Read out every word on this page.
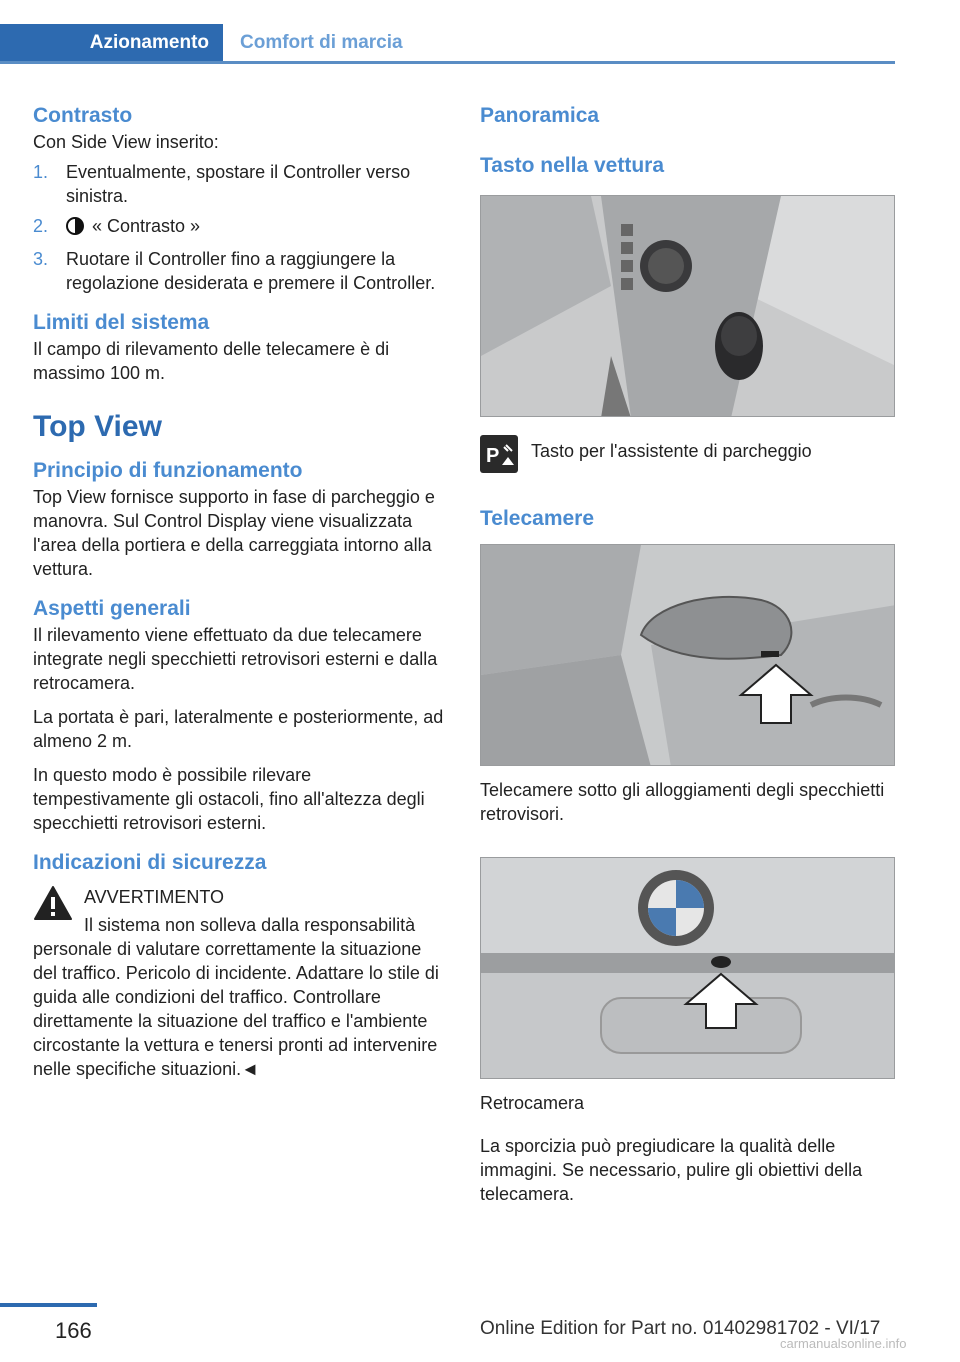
Azionamento	Comfort di marcia
Contrasto

Con Side View inserito:

1. Eventualmente, spostare il Controller verso sinistra.
2. « Contrasto »
3. Ruotare il Controller fino a raggiungere la regolazione desiderata e premere il Controller.
Limiti del sistema

Il campo di rilevamento delle telecamere è di massimo 100 m.

Top View
Principio di funzionamento

Top View fornisce supporto in fase di parcheggio e manovra. Sul Control Display viene visualizzata l'area della portiera e della carreggiata intorno alla vettura.

Aspetti generali

Il rilevamento viene effettuato da due telecamere integrate negli specchietti retrovisori esterni e dalla retrocamera.

La portata è pari, lateralmente e posteriormente, ad almeno 2 m.

In questo modo è possibile rilevare tempestivamente gli ostacoli, fino all'altezza degli specchietti retrovisori esterni.

Indicazioni di sicurezza
AVVERTIMENTO
Il sistema non solleva dalla responsabilità personale di valutare correttamente la situazione del traffico. Pericolo di incidente. Adattare lo stile di guida alle condizioni del traffico. Controllare direttamente la situazione del traffico e l'ambiente circostante la vettura e tenersi pronti ad intervenire nelle specifiche situazioni.◄
Panoramica
Tasto nella vettura
P	Tasto per l'assistente di parcheggio
Telecamere

Telecamere sotto gli alloggiamenti degli specchietti retrovisori.

Retrocamera

La sporcizia può pregiudicare la qualità delle immagini. Se necessario, pulire gli obiettivi della telecamera.

166	Online Edition for Part no. 01402981702 - VI/17
carmanualsonline.info
